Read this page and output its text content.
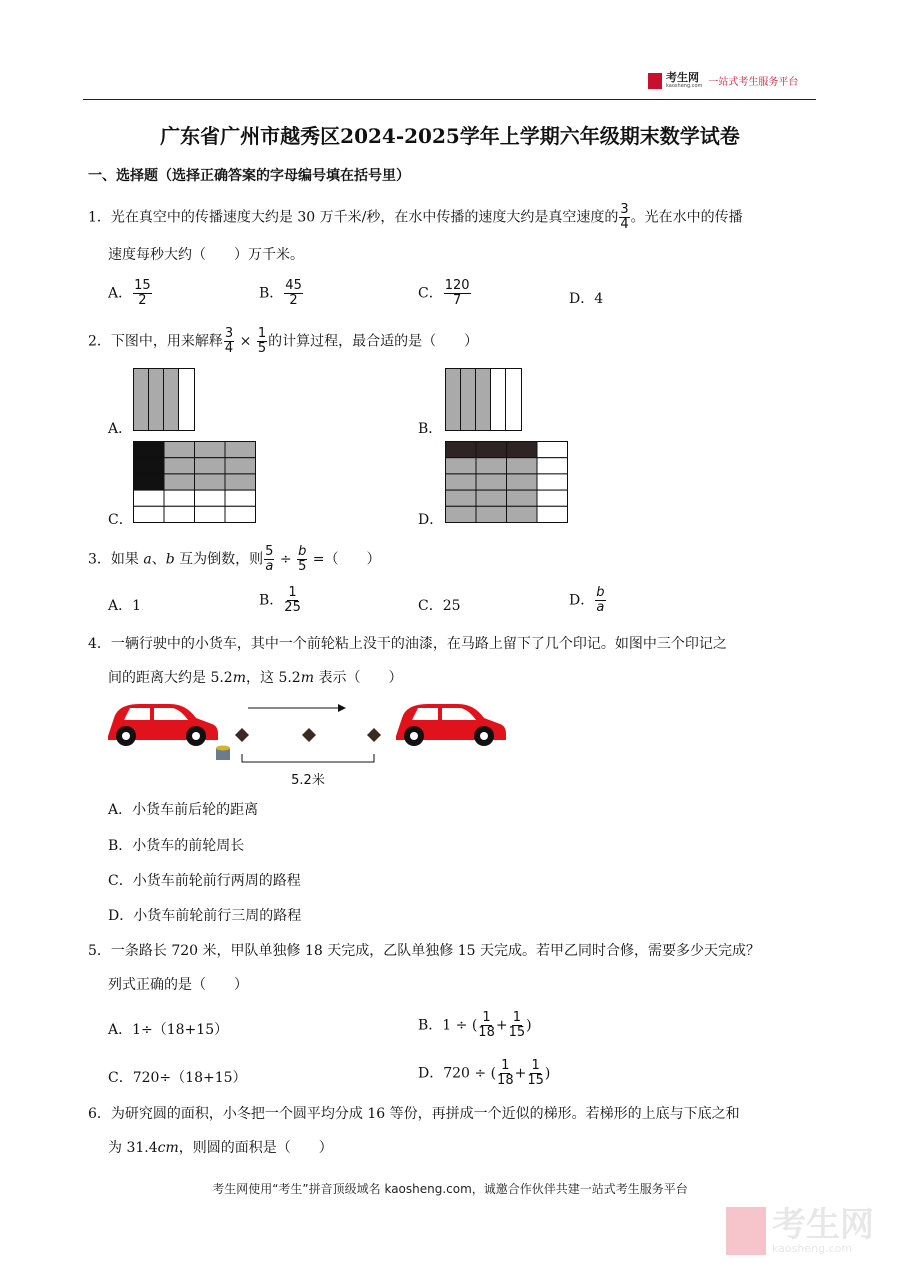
考生网
kaosheng.com 一站式考生服务平台
广东省广州市越秀区2024-2025学年上学期六年级期末数学试卷
一、选择题（选择正确答案的字母编号填在括号里）
1．光在真空中的传播速度大约是 30 万千米/秒，在水中传播的速度大约是真空速度的 $\frac{3}{4}$ 。光在水中的传播
速度每秒大约（　　）万千米。
A． $\frac{15}{2}$	B． $\frac{45}{2}$	C． $\frac{120}{7}$	D．4
2．下图中，用来解释 $\frac{3}{4} \times \frac{1}{5}$ 的计算过程，最合适的是（　　）
A．	B．
C．	D．
3．如果 a、b 互为倒数，则 $\frac{5}{a} \div \frac{b}{5}$ =（　　）
A．1	B． $\frac{1}{25}$	C．25	D． $\frac{b}{a}$
4．一辆行驶中的小货车，其中一个前轮粘上没干的油漆，在马路上留下了几个印记。如图中三个印记之
间的距离大约是 5.2m，这 5.2m 表示（　　）
5.2米
A．小货车前后轮的距离
B．小货车的前轮周长
C．小货车前轮前行两周的路程
D．小货车前轮前行三周的路程
5．一条路长 720 米，甲队单独修 18 天完成，乙队单独修 15 天完成。若甲乙同时合修，需要多少天完成？
列式正确的是（　　）
A．1÷（18+15）	B．1 ÷ ( $\frac{1}{18} + \frac{1}{15}$ )
C．720÷（18+15）	D．720 ÷ ( $\frac{1}{18} + \frac{1}{15}$ )
6．为研究圆的面积，小冬把一个圆平均分成 16 等份，再拼成一个近似的梯形。若梯形的上底与下底之和
为 31.4cm，则圆的面积是（　　）
考生网使用“考生”拼音顶级域名 kaosheng.com，诚邀合作伙伴共建一站式考生服务平台
考生网
kaosheng.com
